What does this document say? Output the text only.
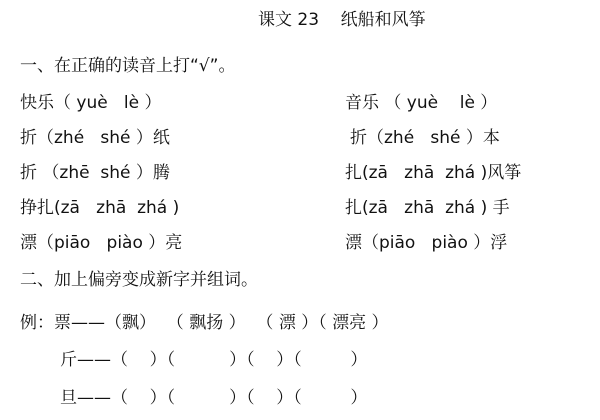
课文 23    纸船和风筝
一、在正确的读音上打“√”。
快乐（ yuè   lè ）	音乐 （ yuè    lè ）
折（zhé   shé ）纸	折（zhé   shé ）本
折 （zhē  shé ）腾	扎(zā   zhā  zhá )风筝
挣扎(zā   zhā  zhá )	扎(zā   zhā  zhá ) 手
漂（piāo   piào ）亮	漂（piāo   piào ）浮
二、加上偏旁变成新字并组词。
例：票——（飘）  （ 飘扬 ）  （ 漂 ）（ 漂亮 ）
斤——（    ）（          ）（    ）（         ）
旦——（    ）（          ）（    ）（         ）
